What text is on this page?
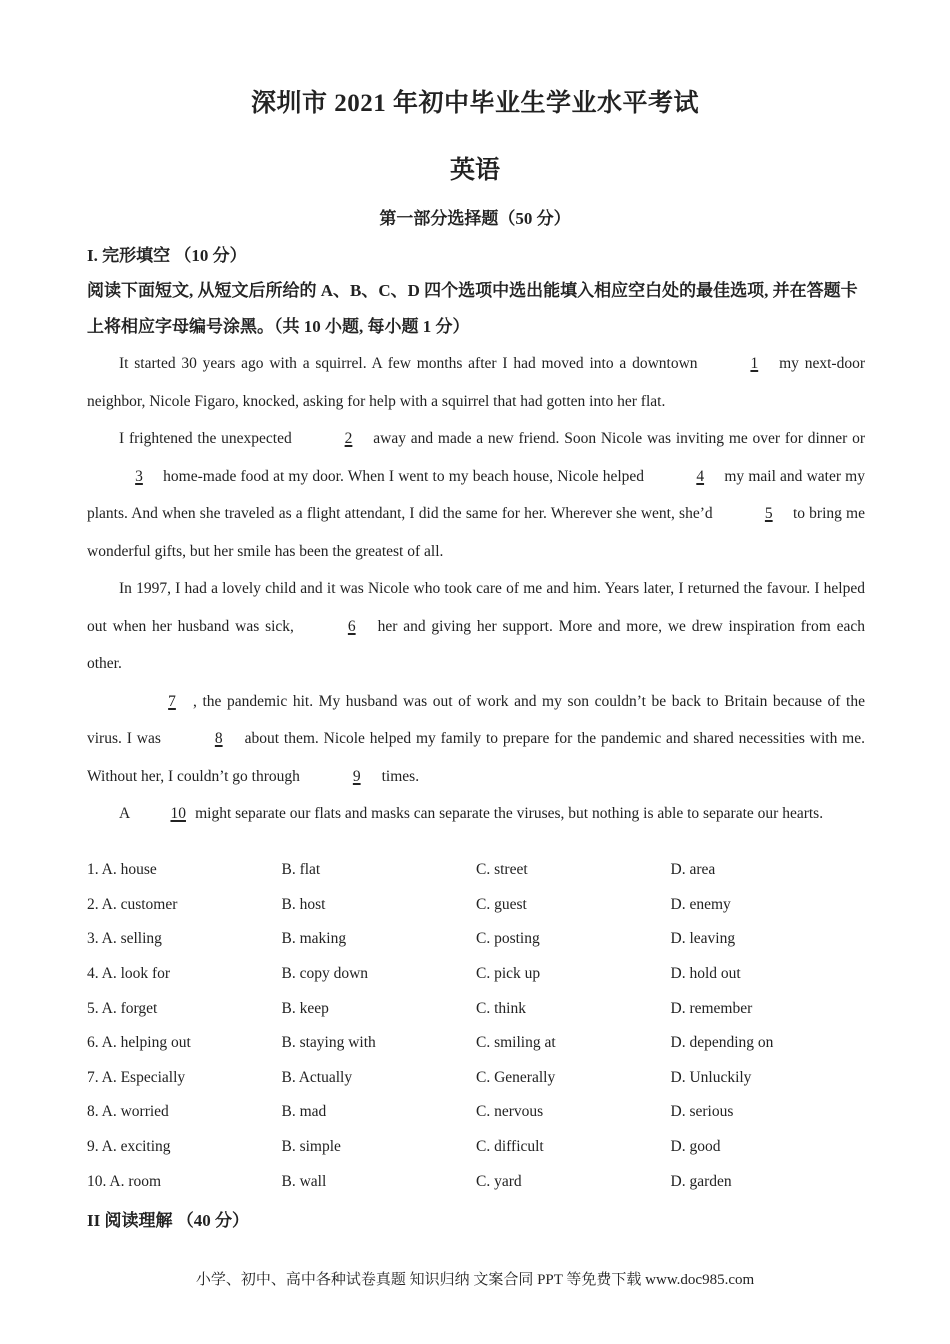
深圳市 2021 年初中毕业生学业水平考试
英语
第一部分选择题（50 分）
I. 完形填空 （10 分）
阅读下面短文, 从短文后所给的 A、B、C、D 四个选项中选出能填入相应空白处的最佳选项, 并在答题卡上将相应字母编号涂黑。（共 10 小题, 每小题 1 分）

It started 30 years ago with a squirrel. A few months after I had moved into a downtown	1 my next-door neighbor, Nicole Figaro, knocked, asking for help with a squirrel that had gotten into her flat.

I frightened the unexpected	2 away and made a new friend. Soon Nicole was inviting me over for dinner or 3 home-made food at my door. When I went to my beach house, Nicole helped	4 my mail and water my plants. And when she traveled as a flight attendant, I did the same for her. Wherever she went, she’d	5 to bring me wonderful gifts, but her smile has been the greatest of all.

In 1997, I had a lovely child and it was Nicole who took care of me and him. Years later, I returned the favour. I helped out when her husband was sick,	6 her and giving her support. More and more, we drew inspiration from each other.

7 , the pandemic hit. My husband was out of work and my son couldn’t be back to Britain because of the virus. I was	8 about them. Nicole helped my family to prepare for the pandemic and shared necessities with me. Without her, I couldn’t go through	9 times.

A 10 might separate our flats and masks can separate the viruses, but nothing is able to separate our hearts.

1. A. house	B. flat	C. street	D. area
2. A. customer	B. host	C. guest	D. enemy
3. A. selling	B. making	C. posting	D. leaving
4. A. look for	B. copy down	C. pick up	D. hold out
5. A. forget	B. keep	C. think	D. remember
6. A. helping out	B. staying with	C. smiling at	D. depending on
7. A. Especially	B. Actually	C. Generally	D. Unluckily
8. A. worried	B. mad	C. nervous	D. serious
9. A. exciting	B. simple	C. difficult	D. good
10. A. room	B. wall	C. yard	D. garden
II 阅读理解 （40 分）
小学、初中、高中各种试卷真题 知识归纳 文案合同 PPT 等免费下载 www.doc985.com
